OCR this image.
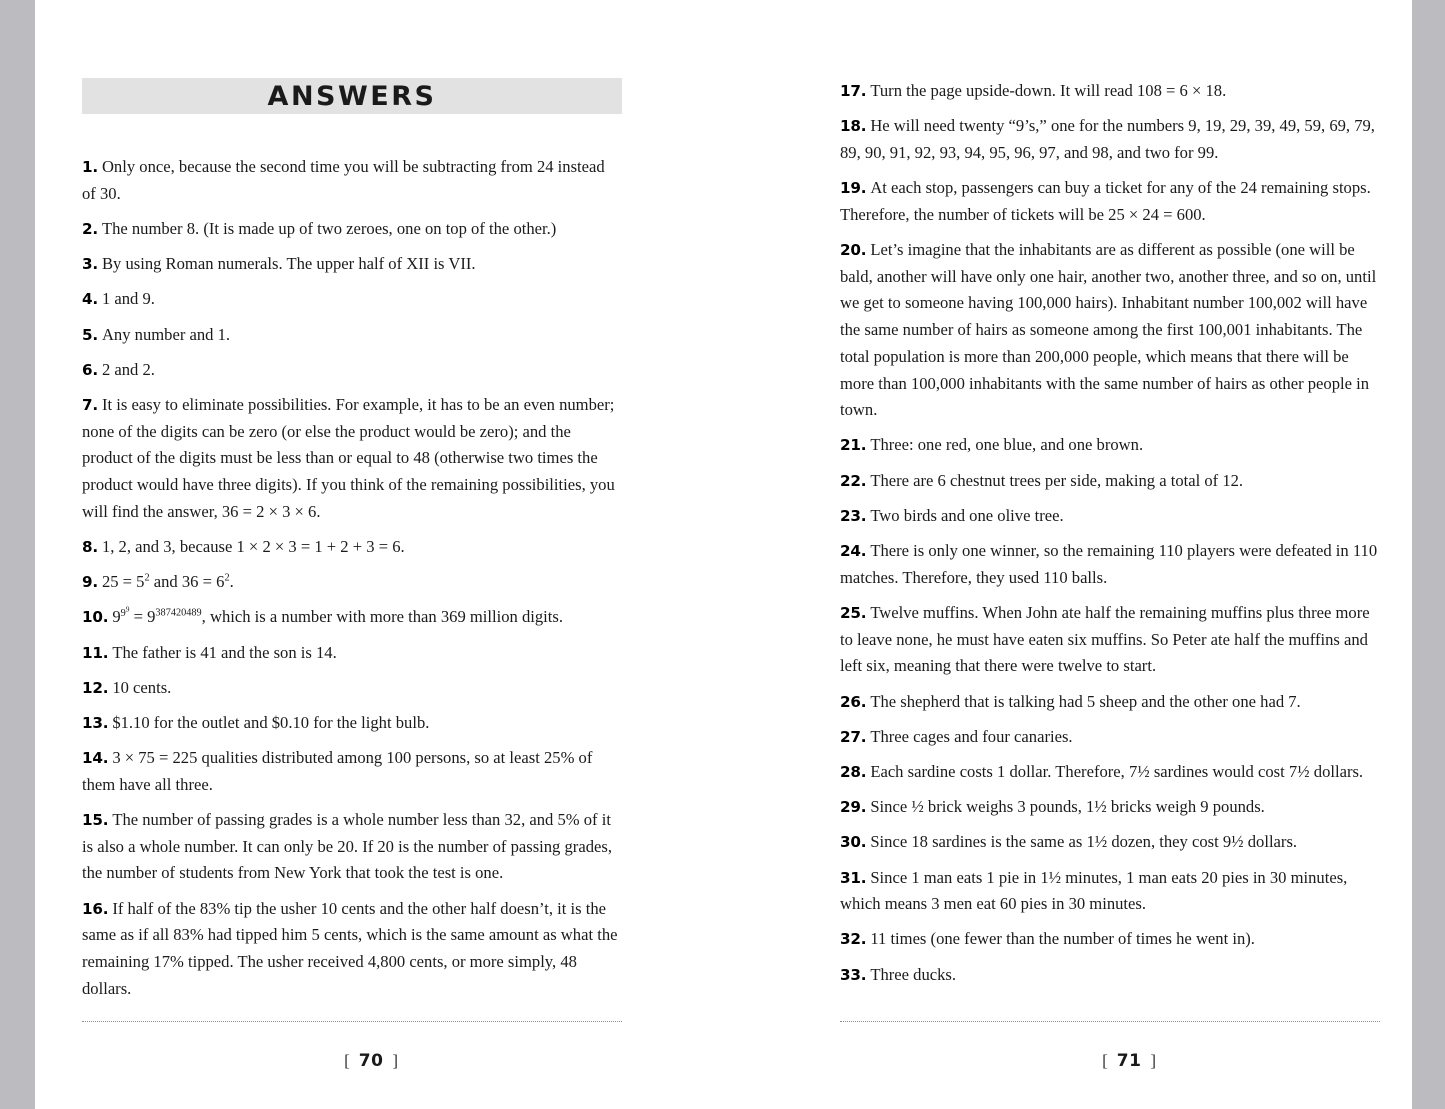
ANSWERS

1. Only once, because the second time you will be subtracting from 24 instead of 30.

2. The number 8. (It is made up of two zeroes, one on top of the other.)

3. By using Roman numerals. The upper half of XII is VII.

4. 1 and 9.

5. Any number and 1.

6. 2 and 2.

7. It is easy to eliminate possibilities. For example, it has to be an even number; none of the digits can be zero (or else the product would be zero); and the product of the digits must be less than or equal to 48 (otherwise two times the product would have three digits). If you think of the remaining possibilities, you will find the answer, 36 = 2 × 3 × 6.

8. 1, 2, and 3, because 1 × 2 × 3 = 1 + 2 + 3 = 6.

9. $25 = 5^2$ and $36 = 6^2$.

10. $9^{9^9} = 9^{387420489}$, which is a number with more than 369 million digits.

11. The father is 41 and the son is 14.

12. 10 cents.

13. $1.10 for the outlet and $0.10 for the light bulb.

14. 3 × 75 = 225 qualities distributed among 100 persons, so at least 25% of them have all three.

15. The number of passing grades is a whole number less than 32, and 5% of it is also a whole number. It can only be 20. If 20 is the number of passing grades, the number of students from New York that took the test is one.

16. If half of the 83% tip the usher 10 cents and the other half doesn’t, it is the same as if all 83% had tipped him 5 cents, which is the same amount as what the remaining 17% tipped. The usher received 4,800 cents, or more simply, 48 dollars.

[ 70 ]

17. Turn the page upside-down. It will read 108 = 6 × 18.

18. He will need twenty “9’s,” one for the numbers 9, 19, 29, 39, 49, 59, 69, 79, 89, 90, 91, 92, 93, 94, 95, 96, 97, and 98, and two for 99.

19. At each stop, passengers can buy a ticket for any of the 24 remaining stops. Therefore, the number of tickets will be 25 × 24 = 600.

20. Let’s imagine that the inhabitants are as different as possible (one will be bald, another will have only one hair, another two, another three, and so on, until we get to someone having 100,000 hairs). Inhabitant number 100,002 will have the same number of hairs as someone among the first 100,001 inhabitants. The total population is more than 200,000 people, which means that there will be more than 100,000 inhabitants with the same number of hairs as other people in town.

21. Three: one red, one blue, and one brown.

22. There are 6 chestnut trees per side, making a total of 12.

23. Two birds and one olive tree.

24. There is only one winner, so the remaining 110 players were defeated in 110 matches. Therefore, they used 110 balls.

25. Twelve muffins. When John ate half the remaining muffins plus three more to leave none, he must have eaten six muffins. So Peter ate half the muffins and left six, meaning that there were twelve to start.

26. The shepherd that is talking had 5 sheep and the other one had 7.

27. Three cages and four canaries.

28. Each sardine costs 1 dollar. Therefore, 7½ sardines would cost 7½ dollars.

29. Since ½ brick weighs 3 pounds, 1½ bricks weigh 9 pounds.

30. Since 18 sardines is the same as 1½ dozen, they cost 9½ dollars.

31. Since 1 man eats 1 pie in 1½ minutes, 1 man eats 20 pies in 30 minutes, which means 3 men eat 60 pies in 30 minutes.

32. 11 times (one fewer than the number of times he went in).

33. Three ducks.

[ 71 ]
